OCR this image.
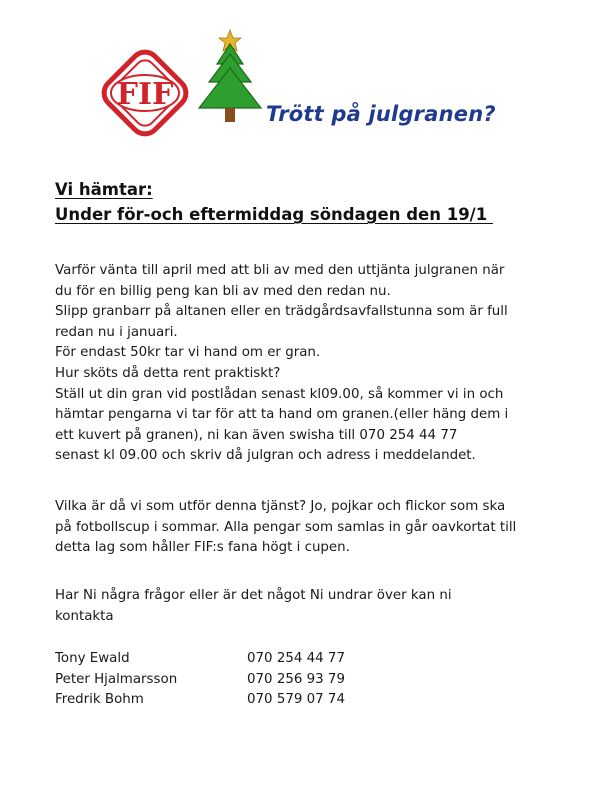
FIF
Trött på julgranen?
Vi hämtar:
Under för-och eftermiddag söndagen den 19/1
Varför vänta till april med att bli av med den uttjänta julgranen när
du för en billig peng kan bli av med den redan nu.
Slipp granbarr på altanen eller en trädgårdsavfallstunna som är full
redan nu i januari.
För endast 50kr tar vi hand om er gran.
Hur sköts då detta rent praktiskt?
Ställ ut din gran vid postlådan senast kl09.00, så kommer vi in och
hämtar pengarna vi tar för att ta hand om granen.(eller häng dem i
ett kuvert på granen), ni kan även swisha till 070 254 44 77
senast kl 09.00 och skriv då julgran och adress i meddelandet.
Vilka är då vi som utför denna tjänst? Jo, pojkar och flickor som ska
på fotbollscup i sommar. Alla pengar som samlas in går oavkortat till
detta lag som håller FIF:s fana högt i cupen.
Har Ni några frågor eller är det något Ni undrar över kan ni
kontakta
Tony Ewald	070 254 44 77
Peter Hjalmarsson	070 256 93 79
Fredrik Bohm	070 579 07 74
